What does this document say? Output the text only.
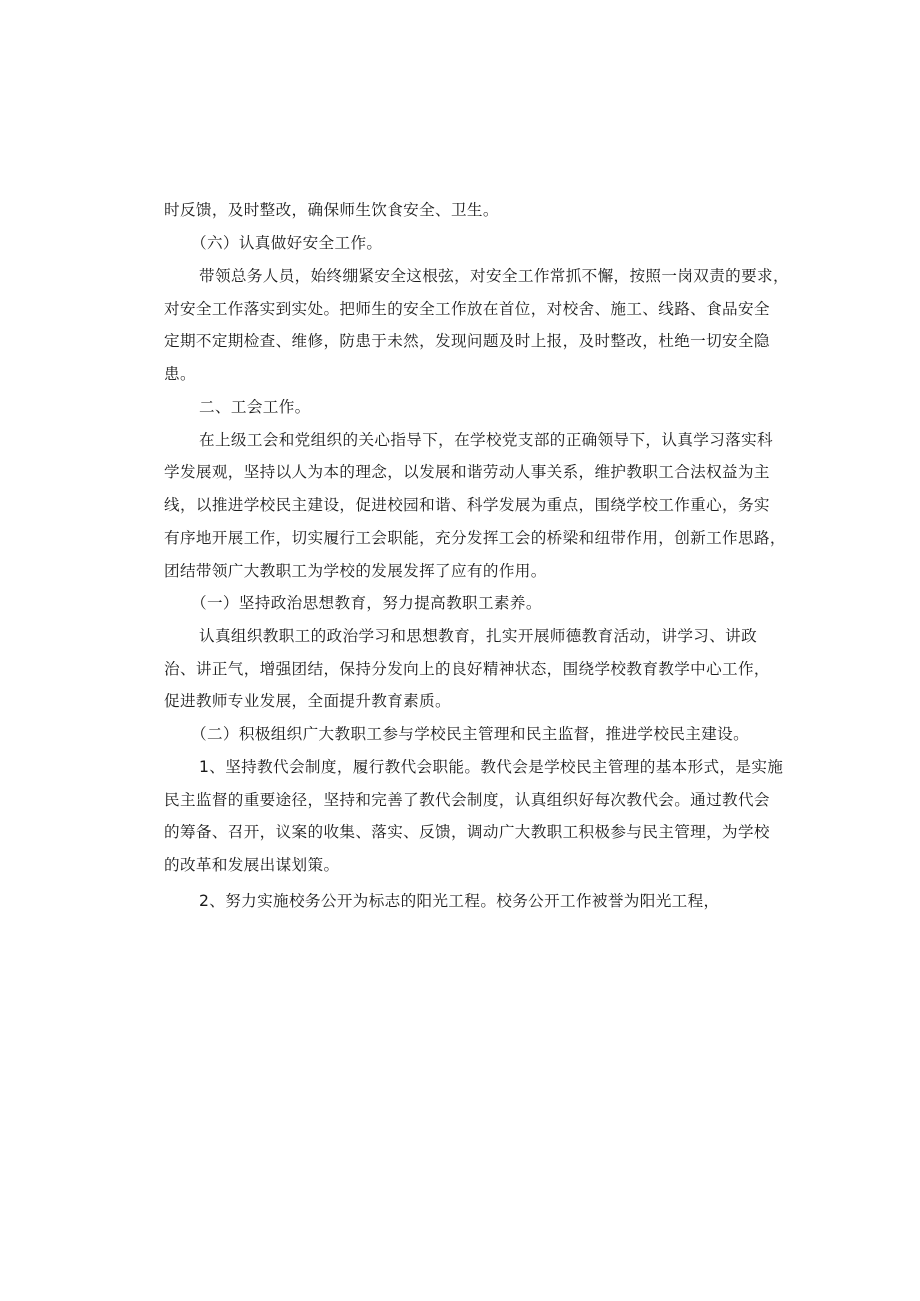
时反馈，及时整改，确保师生饮食安全、卫生。
（六）认真做好安全工作。
带领总务人员，始终绷紧安全这根弦，对安全工作常抓不懈，按照一岗双责的要求，
对安全工作落实到实处。把师生的安全工作放在首位，对校舍、施工、线路、食品安全
定期不定期检查、维修，防患于未然，发现问题及时上报，及时整改，杜绝一切安全隐
患。
二、工会工作。
在上级工会和党组织的关心指导下，在学校党支部的正确领导下，认真学习落实科
学发展观，坚持以人为本的理念，以发展和谐劳动人事关系，维护教职工合法权益为主
线，以推进学校民主建设，促进校园和谐、科学发展为重点，围绕学校工作重心，务实
有序地开展工作，切实履行工会职能，充分发挥工会的桥梁和纽带作用，创新工作思路，
团结带领广大教职工为学校的发展发挥了应有的作用。
（一）坚持政治思想教育，努力提高教职工素养。
认真组织教职工的政治学习和思想教育，扎实开展师德教育活动，讲学习、讲政
治、讲正气，增强团结，保持分发向上的良好精神状态，围绕学校教育教学中心工作，
促进教师专业发展，全面提升教育素质。
（二）积极组织广大教职工参与学校民主管理和民主监督，推进学校民主建设。
1、坚持教代会制度，履行教代会职能。教代会是学校民主管理的基本形式，是实施
民主监督的重要途径，坚持和完善了教代会制度，认真组织好每次教代会。通过教代会
的筹备、召开，议案的收集、落实、反馈，调动广大教职工积极参与民主管理，为学校
的改革和发展出谋划策。
2、努力实施校务公开为标志的阳光工程。校务公开工作被誉为阳光工程，
